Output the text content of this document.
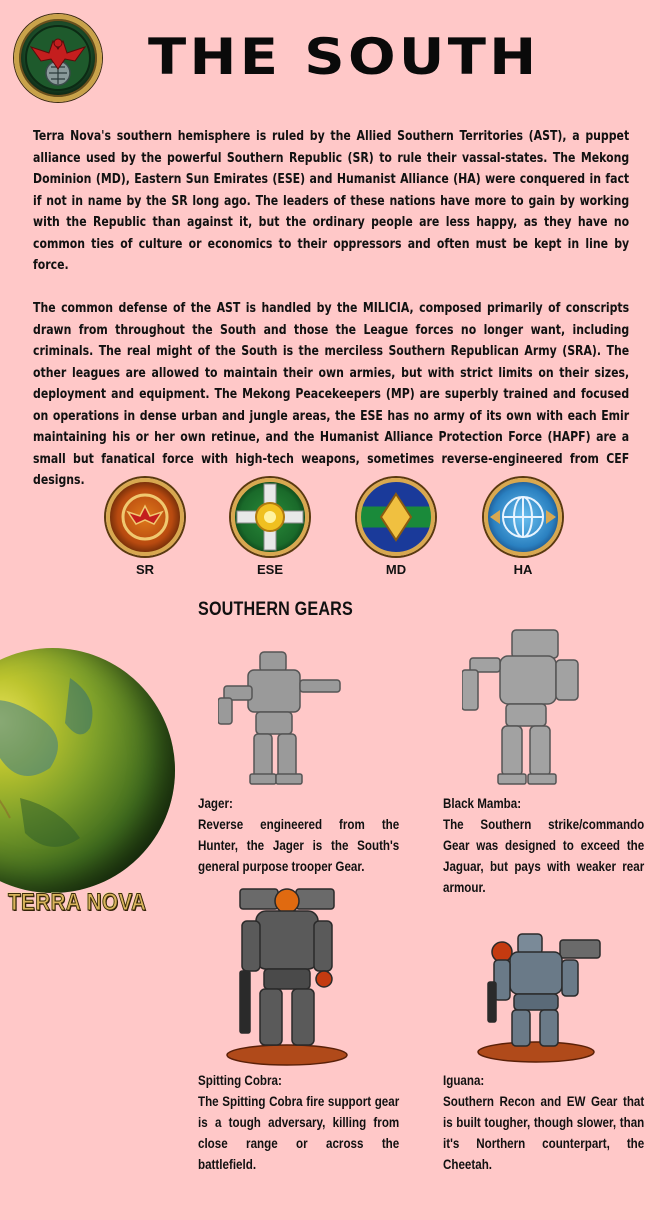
THE SOUTH

Terra Nova's southern hemisphere is ruled by the Allied Southern Territories (AST), a puppet alliance used by the powerful Southern Republic (SR) to rule their vassal-states. The Mekong Dominion (MD), Eastern Sun Emirates (ESE) and Humanist Alliance (HA) were conquered in fact if not in name by the SR long ago. The leaders of these nations have more to gain by working with the Republic than against it, but the ordinary people are less happy, as they have no common ties of culture or economics to their oppressors and often must be kept in line by force.

The common defense of the AST is handled by the MILICIA, composed primarily of conscripts drawn from throughout the South and those the League forces no longer want, including criminals. The real might of the South is the merciless Southern Republican Army (SRA). The other leagues are allowed to maintain their own armies, but with strict limits on their sizes, deployment and equipment. The Mekong Peacekeepers (MP) are superbly trained and focused on operations in dense urban and jungle areas, the ESE has no army of its own with each Emir maintaining his or her own retinue, and the Humanist Alliance Protection Force (HAPF) are a small but fanatical force with high-tech weapons, sometimes reverse-engineered from CEF designs.

SR	ESE	MD	HA
SOUTHERN GEARS
TERRA NOVA
Jager:
Reverse engineered from the Hunter, the Jager is the South's general purpose trooper Gear.
Black Mamba:
The Southern strike/commando Gear was designed to exceed the Jaguar, but pays with weaker rear armour.
Spitting Cobra:
The Spitting Cobra fire support gear is a tough adversary, killing from close range or across the battlefield.
Iguana:
Southern Recon and EW Gear that is built tougher, though slower, than it's Northern counterpart, the Cheetah.
